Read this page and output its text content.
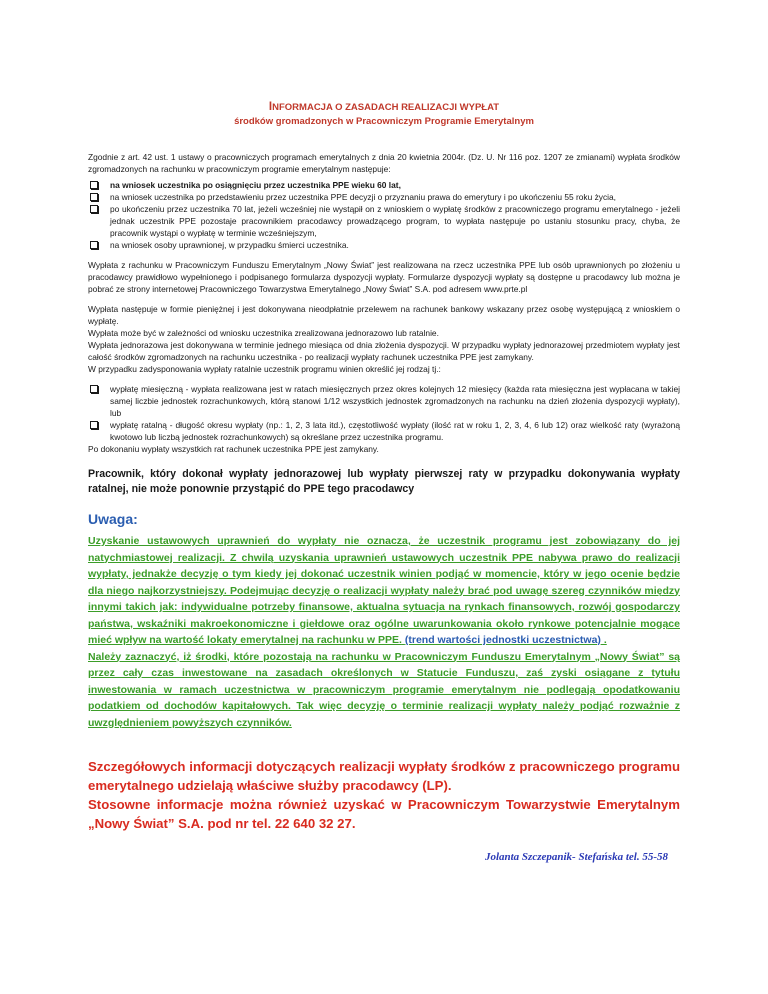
INFORMACJA O ZASADACH REALIZACJI WYPŁAT
środków gromadzonych w Pracowniczym Programie Emerytalnym

Zgodnie z art. 42 ust. 1 ustawy o pracowniczych programach emerytalnych z dnia 20 kwietnia 2004r. (Dz. U. Nr 116 poz. 1207 ze zmianami) wypłata środków zgromadzonych na rachunku w pracowniczym programie emerytalnym następuje:

na wniosek uczestnika po osiągnięciu przez uczestnika PPE wieku 60 lat,
na wniosek uczestnika po przedstawieniu przez uczestnika PPE decyzji o przyznaniu prawa do emerytury i po ukończeniu 55 roku życia,
po ukończeniu przez uczestnika 70 lat, jeżeli wcześniej nie wystąpił on z wnioskiem o wypłatę środków z pracowniczego programu emerytalnego - jeżeli jednak uczestnik PPE pozostaje pracownikiem pracodawcy prowadzącego program, to wypłata następuje po ustaniu stosunku pracy, chyba, że pracownik wystąpi o wypłatę w terminie wcześniejszym,
na wniosek osoby uprawnionej, w przypadku śmierci uczestnika.

Wypłata z rachunku w Pracowniczym Funduszu Emerytalnym „Nowy Świat” jest realizowana na rzecz uczestnika PPE lub osób uprawnionych po złożeniu u pracodawcy prawidłowo wypełnionego i podpisanego formularza dyspozycji wypłaty. Formularze dyspozycji wypłaty są dostępne u pracodawcy lub można je pobrać ze strony internetowej Pracowniczego Towarzystwa Emerytalnego „Nowy Świat” S.A. pod adresem www.prte.pl

Wypłata następuje w formie pieniężnej i jest dokonywana nieodpłatnie przelewem na rachunek bankowy wskazany przez osobę występującą z wnioskiem o wypłatę.

Wypłata może być w zależności od wniosku uczestnika zrealizowana jednorazowo lub ratalnie.

Wypłata jednorazowa jest dokonywana w terminie jednego miesiąca od dnia złożenia dyspozycji. W przypadku wypłaty jednorazowej przedmiotem wypłaty jest całość środków zgromadzonych na rachunku uczestnika - po realizacji wypłaty rachunek uczestnika PPE jest zamykany.

W przypadku zadysponowania wypłaty ratalnie uczestnik programu winien określić jej rodzaj tj.:

wypłatę miesięczną - wypłata realizowana jest w ratach miesięcznych przez okres kolejnych 12 miesięcy (każda rata miesięczna jest wypłacana w takiej samej liczbie jednostek rozrachunkowych, którą stanowi 1/12 wszystkich jednostek zgromadzonych na rachunku na dzień złożenia dyspozycji wypłaty), lub
wypłatę ratalną - długość okresu wypłaty (np.: 1, 2, 3 lata itd.), częstotliwość wypłaty (ilość rat w roku 1, 2, 3, 4, 6 lub 12) oraz wielkość raty (wyrażoną kwotowo lub liczbą jednostek rozrachunkowych) są określane przez uczestnika programu.

Po dokonaniu wypłaty wszystkich rat rachunek uczestnika PPE jest zamykany.

Pracownik, który dokonał wypłaty jednorazowej lub wypłaty pierwszej raty w przypadku dokonywania wypłaty ratalnej, nie może ponownie przystąpić do PPE tego pracodawcy

Uwaga:

Uzyskanie ustawowych uprawnień do wypłaty nie oznacza, że uczestnik programu jest zobowiązany do jej natychmiastowej realizacji. Z chwilą uzyskania uprawnień ustawowych uczestnik PPE nabywa prawo do realizacji wypłaty, jednakże decyzję o tym kiedy jej dokonać uczestnik winien podjąć w momencie, który w jego ocenie będzie dla niego najkorzystniejszy. Podejmując decyzję o realizacji wypłaty należy brać pod uwagę szereg czynników między innymi takich jak: indywidualne potrzeby finansowe, aktualna sytuacja na rynkach finansowych, rozwój gospodarczy państwa, wskaźniki makroekonomiczne i giełdowe oraz ogólne uwarunkowania około rynkowe potencjalnie mogące mieć wpływ na wartość lokaty emerytalnej na rachunku w PPE. (trend wartości jednostki uczestnictwa) .

Należy zaznaczyć, iż środki, które pozostają na rachunku w Pracowniczym Funduszu Emerytalnym „Nowy Świat” są przez cały czas inwestowane na zasadach określonych w Statucie Funduszu, zaś zyski osiągane z tytułu inwestowania w ramach uczestnictwa w pracowniczym programie emerytalnym nie podlegają opodatkowaniu podatkiem od dochodów kapitałowych. Tak więc decyzję o terminie realizacji wypłaty należy podjąć rozważnie z uwzględnieniem powyższych czynników.

Szczegółowych informacji dotyczących realizacji wypłaty środków z pracowniczego programu emerytalnego udzielają właściwe służby pracodawcy (LP).

Stosowne informacje można również uzyskać w Pracowniczym Towarzystwie Emerytalnym „Nowy Świat” S.A. pod nr tel. 22 640 32 27.

Jolanta Szczepanik- Stefańska tel. 55-58
